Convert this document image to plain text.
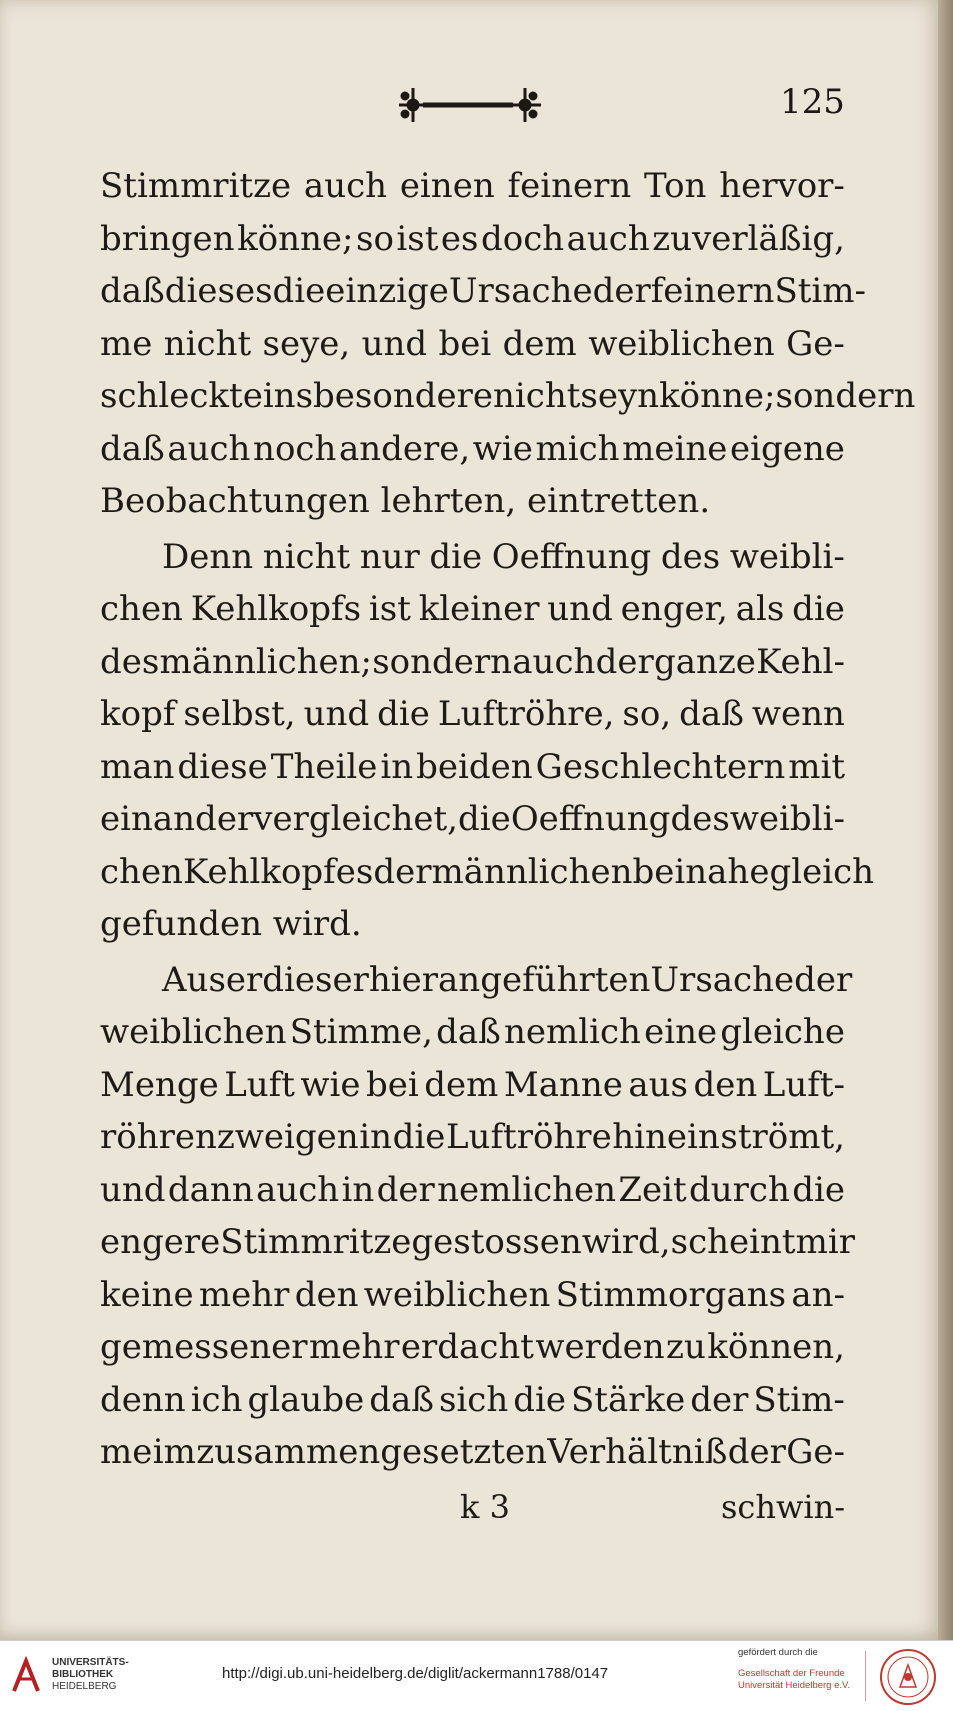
125
Stimmritze auch einen feinern Ton hervor-
bringen könne; so ist es doch auch zuverläßig,
daß dieses die einzige Ursache der feinern Stim-
me nicht seye, und bei dem weiblichen Ge-
schleckte insbesondere nicht seyn könne; sondern
daß auch noch andere, wie mich meine eigene
Beobachtungen lehrten, eintretten.
Denn nicht nur die Oeffnung des weibli-
chen Kehlkopfs ist kleiner und enger, als die
des männlichen; sondern auch der ganze Kehl-
kopf selbst, und die Luftröhre, so, daß wenn
man diese Theile in beiden Geschlechtern mit
einander vergleichet, die Oeffnung des weibli-
chen Kehlkopfes der männlichen beinahe gleich
gefunden wird.
Auser dieser hier angeführten Ursache der
weiblichen Stimme, daß nemlich eine gleiche
Menge Luft wie bei dem Manne aus den Luft-
röhrenzweigen in die Luftröhre hinein strömt,
und dann auch in der nemlichen Zeit durch die
engere Stimmritze gestossen wird, scheint mir
keine mehr den weiblichen Stimmorgans an-
gemessener mehr erdacht werden zu können,
denn ich glaube daß sich die Stärke der Stim-
me im zusammengesetzten Verhältniß der Ge-
k 3	schwin-
UNIVERSITÄTS-
BIBLIOTHEK
HEIDELBERG
http://digi.ub.uni-heidelberg.de/diglit/ackermann1788/0147
gefördert durch die
Gesellschaft der Freunde
Universität Heidelberg e.V.
